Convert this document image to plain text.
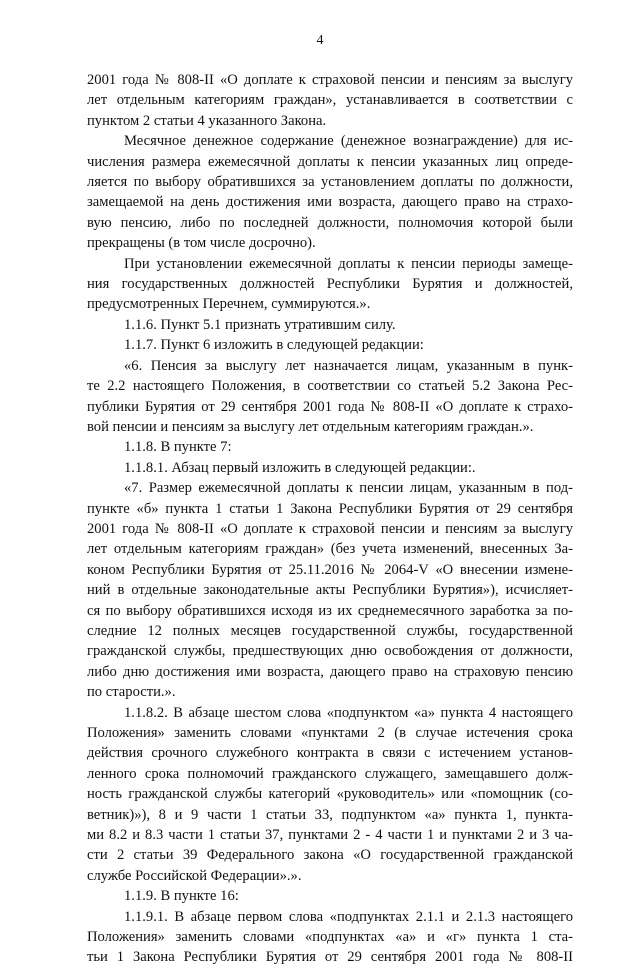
4
2001 года № 808-II «О доплате к страховой пенсии и пенсиям за выслугу
лет отдельным категориям граждан», устанавливается в соответствии с
пунктом 2 статьи 4 указанного Закона.
Месячное денежное содержание (денежное вознаграждение) для ис-
числения размера ежемесячной доплаты к пенсии указанных лиц опреде-
ляется по выбору обратившихся за установлением доплаты по должности,
замещаемой на день достижения ими возраста, дающего право на страхо-
вую пенсию, либо по последней должности, полномочия которой были
прекращены (в том числе досрочно).
При установлении ежемесячной доплаты к пенсии периоды замеще-
ния государственных должностей Республики Бурятия и должностей,
предусмотренных Перечнем, суммируются.».
1.1.6. Пункт 5.1 признать утратившим силу.
1.1.7. Пункт 6 изложить в следующей редакции:
«6. Пенсия за выслугу лет назначается лицам, указанным в пунк-
те 2.2 настоящего Положения, в соответствии со статьей 5.2 Закона Рес-
публики Бурятия от 29 сентября 2001 года № 808-II «О доплате к страхо-
вой пенсии и пенсиям за выслугу лет отдельным категориям граждан.».
1.1.8. В пункте 7:
1.1.8.1. Абзац первый изложить в следующей редакции:.
«7. Размер ежемесячной доплаты к пенсии лицам, указанным в под-
пункте «б» пункта 1 статьи 1 Закона Республики Бурятия от 29 сентября
2001 года № 808-II «О доплате к страховой пенсии и пенсиям за выслугу
лет отдельным категориям граждан» (без учета изменений, внесенных За-
коном Республики Бурятия от 25.11.2016 № 2064-V «О внесении измене-
ний в отдельные законодательные акты Республики Бурятия»), исчисляет-
ся по выбору обратившихся исходя из их среднемесячного заработка за по-
следние 12 полных месяцев государственной службы, государственной
гражданской службы, предшествующих дню освобождения от должности,
либо дню достижения ими возраста, дающего право на страховую пенсию
по старости.».
1.1.8.2. В абзаце шестом слова «подпунктом «а» пункта 4 настоящего
Положения» заменить словами «пунктами 2 (в случае истечения срока
действия срочного служебного контракта в связи с истечением установ-
ленного срока полномочий гражданского служащего, замещавшего долж-
ность гражданской службы категорий «руководитель» или «помощник (со-
ветник)»), 8 и 9 части 1 статьи 33, подпунктом «а» пункта 1, пункта-
ми 8.2 и 8.3 части 1 статьи 37, пунктами 2 - 4 части 1 и пунктами 2 и 3 ча-
сти 2 статьи 39 Федерального закона «О государственной гражданской
службе Российской Федерации».».
1.1.9. В пункте 16:
1.1.9.1. В абзаце первом слова «подпунктах 2.1.1 и 2.1.3 настоящего
Положения» заменить словами «подпунктах «а» и «г» пункта 1 ста-
тьи 1 Закона Республики Бурятия от 29 сентября 2001 года № 808-II
